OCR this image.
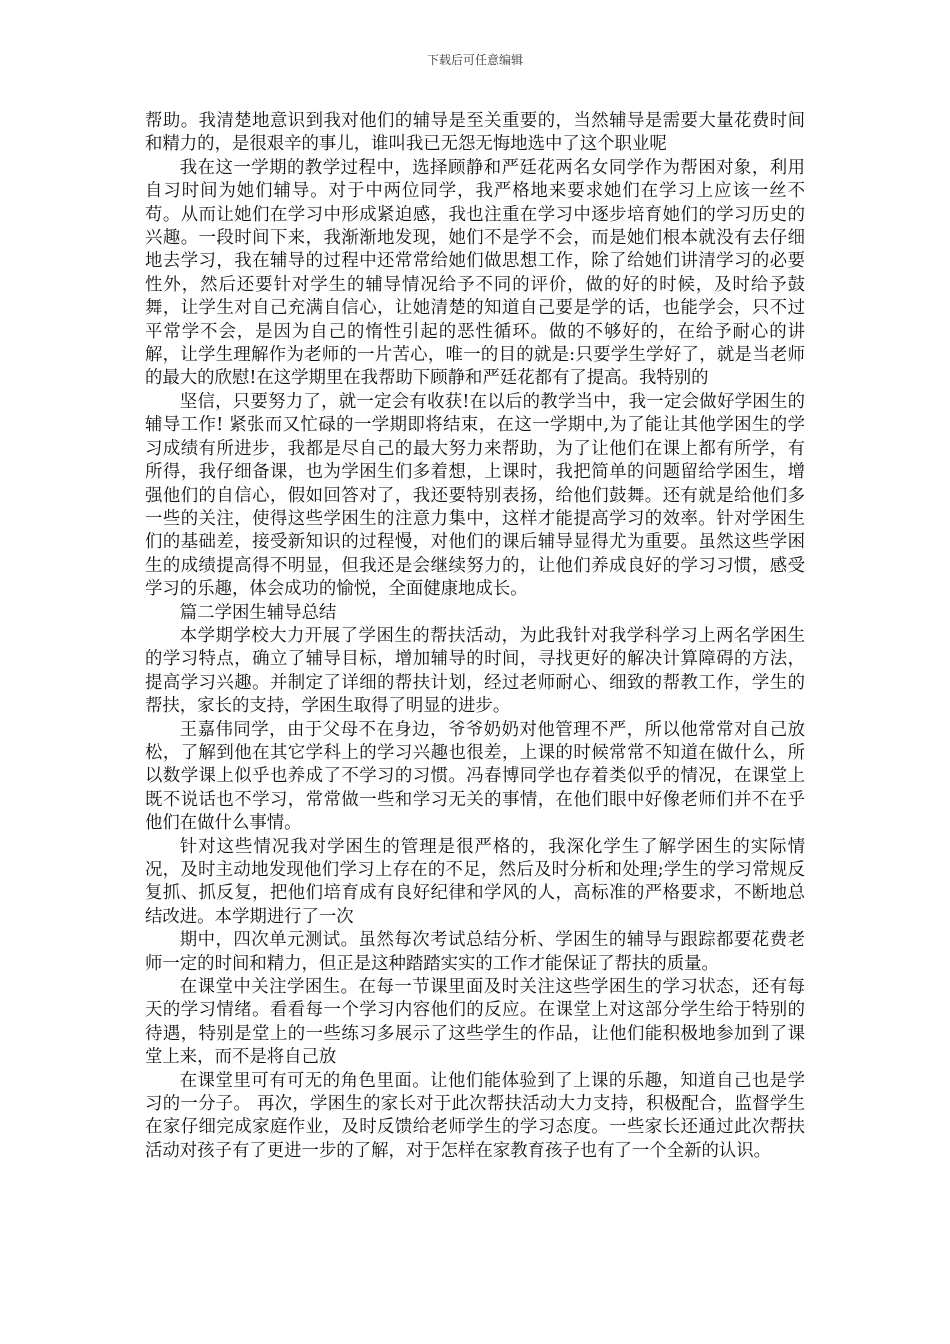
下载后可任意编辑

帮助。我清楚地意识到我对他们的辅导是至关重要的，当然辅导是需要大量花费时间和精力的，是很艰辛的事儿，谁叫我已无怨无悔地选中了这个职业呢

我在这一学期的教学过程中，选择顾静和严廷花两名女同学作为帮困对象，利用自习时间为她们辅导。对于中两位同学，我严格地来要求她们在学习上应该一丝不苟。从而让她们在学习中形成紧迫感，我也注重在学习中逐步培育她们的学习历史的兴趣。一段时间下来，我渐渐地发现，她们不是学不会，而是她们根本就没有去仔细地去学习，我在辅导的过程中还常常给她们做思想工作，除了给她们讲清学习的必要性外，然后还要针对学生的辅导情况给予不同的评价，做的好的时候，及时给予鼓舞，让学生对自己充满自信心，让她清楚的知道自己要是学的话，也能学会，只不过平常学不会，是因为自己的惰性引起的恶性循环。做的不够好的，在给予耐心的讲解，让学生理解作为老师的一片苦心，唯一的目的就是:只要学生学好了，就是当老师的最大的欣慰!在这学期里在我帮助下顾静和严廷花都有了提高。我特别的

坚信，只要努力了，就一定会有收获!在以后的教学当中，我一定会做好学困生的辅导工作! 紧张而又忙碌的一学期即将结束，在这一学期中,为了能让其他学困生的学习成绩有所进步，我都是尽自己的最大努力来帮助，为了让他们在课上都有所学，有所得，我仔细备课，也为学困生们多着想，上课时，我把简单的问题留给学困生，增强他们的自信心，假如回答对了，我还要特别表扬，给他们鼓舞。还有就是给他们多一些的关注，使得这些学困生的注意力集中，这样才能提高学习的效率。针对学困生们的基础差，接受新知识的过程慢，对他们的课后辅导显得尤为重要。虽然这些学困生的成绩提高得不明显，但我还是会继续努力的，让他们养成良好的学习习惯，感受学习的乐趣，体会成功的愉悦，全面健康地成长。

篇二学困生辅导总结

本学期学校大力开展了学困生的帮扶活动，为此我针对我学科学习上两名学困生的学习特点，确立了辅导目标，增加辅导的时间，寻找更好的解决计算障碍的方法，提高学习兴趣。并制定了详细的帮扶计划，经过老师耐心、细致的帮教工作，学生的帮扶，家长的支持，学困生取得了明显的进步。

王嘉伟同学，由于父母不在身边，爷爷奶奶对他管理不严，所以他常常对自己放松，了解到他在其它学科上的学习兴趣也很差，上课的时候常常不知道在做什么，所以数学课上似乎也养成了不学习的习惯。冯春博同学也存着类似乎的情况，在课堂上既不说话也不学习，常常做一些和学习无关的事情，在他们眼中好像老师们并不在乎他们在做什么事情。

针对这些情况我对学困生的管理是很严格的，我深化学生了解学困生的实际情况，及时主动地发现他们学习上存在的不足，然后及时分析和处理;学生的学习常规反复抓、抓反复，把他们培育成有良好纪律和学风的人，高标准的严格要求，不断地总结改进。本学期进行了一次

期中，四次单元测试。虽然每次考试总结分析、学困生的辅导与跟踪都要花费老师一定的时间和精力，但正是这种踏踏实实的工作才能保证了帮扶的质量。

在课堂中关注学困生。在每一节课里面及时关注这些学困生的学习状态，还有每天的学习情绪。看看每一个学习内容他们的反应。在课堂上对这部分学生给于特别的待遇，特别是堂上的一些练习多展示了这些学生的作品，让他们能积极地参加到了课堂上来，而不是将自己放

在课堂里可有可无的角色里面。让他们能体验到了上课的乐趣，知道自己也是学习的一分子。 再次，学困生的家长对于此次帮扶活动大力支持，积极配合，监督学生在家仔细完成家庭作业，及时反馈给老师学生的学习态度。一些家长还通过此次帮扶活动对孩子有了更进一步的了解，对于怎样在家教育孩子也有了一个全新的认识。
